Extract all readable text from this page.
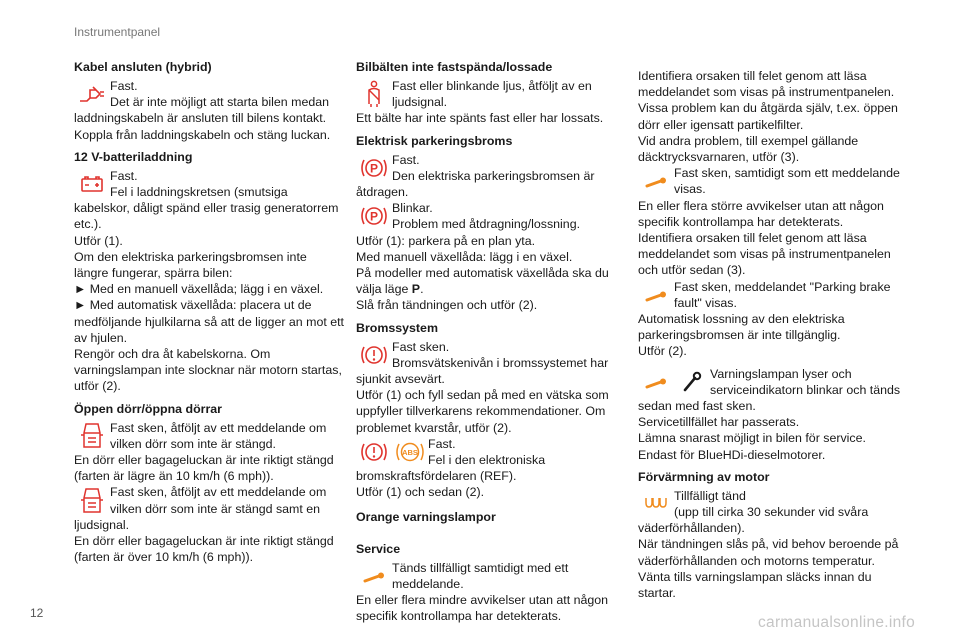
Instrumentpanel
12
carmanualsonline.info
Kabel ansluten (hybrid)

Fast.

Det är inte möjligt att starta bilen medan

laddningskabeln är ansluten till bilens kontakt. Koppla från laddningskabeln och stäng luckan.

12 V-batteriladdning

Fast.

Fel i laddningskretsen (smutsiga

kabelskor, dåligt spänd eller trasig generatorrem etc.).

Utför (1).

Om den elektriska parkeringsbromsen inte längre fungerar, spärra bilen:

► Med en manuell växellåda; lägg i en växel.

► Med automatisk växellåda: placera ut de medföljande hjulkilarna så att de ligger an mot ett av hjulen.

Rengör och dra åt kabelskorna. Om varningslampan inte slocknar när motorn startas, utför (2).

Öppen dörr/öppna dörrar

Fast sken, åtföljt av ett meddelande om vilken dörr som inte är stängd.

En dörr eller bagageluckan är inte riktigt stängd (farten är lägre än 10 km/h (6 mph)).

Fast sken, åtföljt av ett meddelande om vilken dörr som inte är stängd samt en

ljudsignal.

En dörr eller bagageluckan är inte riktigt stängd (farten är över 10 km/h (6 mph)).

Bilbälten inte fastspända/lossade

Fast eller blinkande ljus, åtföljt av en ljudsignal.

Ett bälte har inte spänts fast eller har lossats.

Elektrisk parkeringsbroms
P

Fast.

Den elektriska parkeringsbromsen är

åtdragen.

P

Blinkar.

Problem med åtdragning/lossning.

Utför (1): parkera på en plan yta.

Med manuell växellåda: lägg i en växel.

På modeller med automatisk växellåda ska du välja läge P.

Slå från tändningen och utför (2).

Bromssystem

Fast sken.

Bromsvätskenivån i bromssystemet har

sjunkit avsevärt.

Utför (1) och fyll sedan på med en vätska som uppfyller tillverkarens rekommendationer. Om problemet kvarstår, utför (2).

ABS

Fast.

Fel i den elektroniska

bromskraftsfördelaren (REF).

Utför (1) och sedan (2).

Orange varningslampor
Service

Tänds tillfälligt samtidigt med ett meddelande.

En eller flera mindre avvikelser utan att någon specifik kontrollampa har detekterats.

Identifiera orsaken till felet genom att läsa meddelandet som visas på instrumentpanelen.

Vissa problem kan du åtgärda själv, t.ex. öppen dörr eller igensatt partikelfilter.

Vid andra problem, till exempel gällande däcktrycksvarnaren, utför (3).

Fast sken, samtidigt som ett meddelande visas.

En eller flera större avvikelser utan att någon specifik kontrollampa har detekterats.

Identifiera orsaken till felet genom att läsa meddelandet som visas på instrumentpanelen och utför sedan (3).

Fast sken, meddelandet "Parking brake fault" visas.

Automatisk lossning av den elektriska parkeringsbromsen är inte tillgänglig.

Utför (2).

Varningslampan lyser och serviceindikatorn blinkar och tänds

sedan med fast sken.

Servicetillfället har passerats.

Lämna snarast möjligt in bilen för service.

Endast för BlueHDi-dieselmotorer.

Förvärmning av motor

Tillfälligt tänd

(upp till cirka 30 sekunder vid svåra

väderförhållanden).

När tändningen slås på, vid behov beroende på väderförhållanden och motorns temperatur.

Vänta tills varningslampan släcks innan du startar.
